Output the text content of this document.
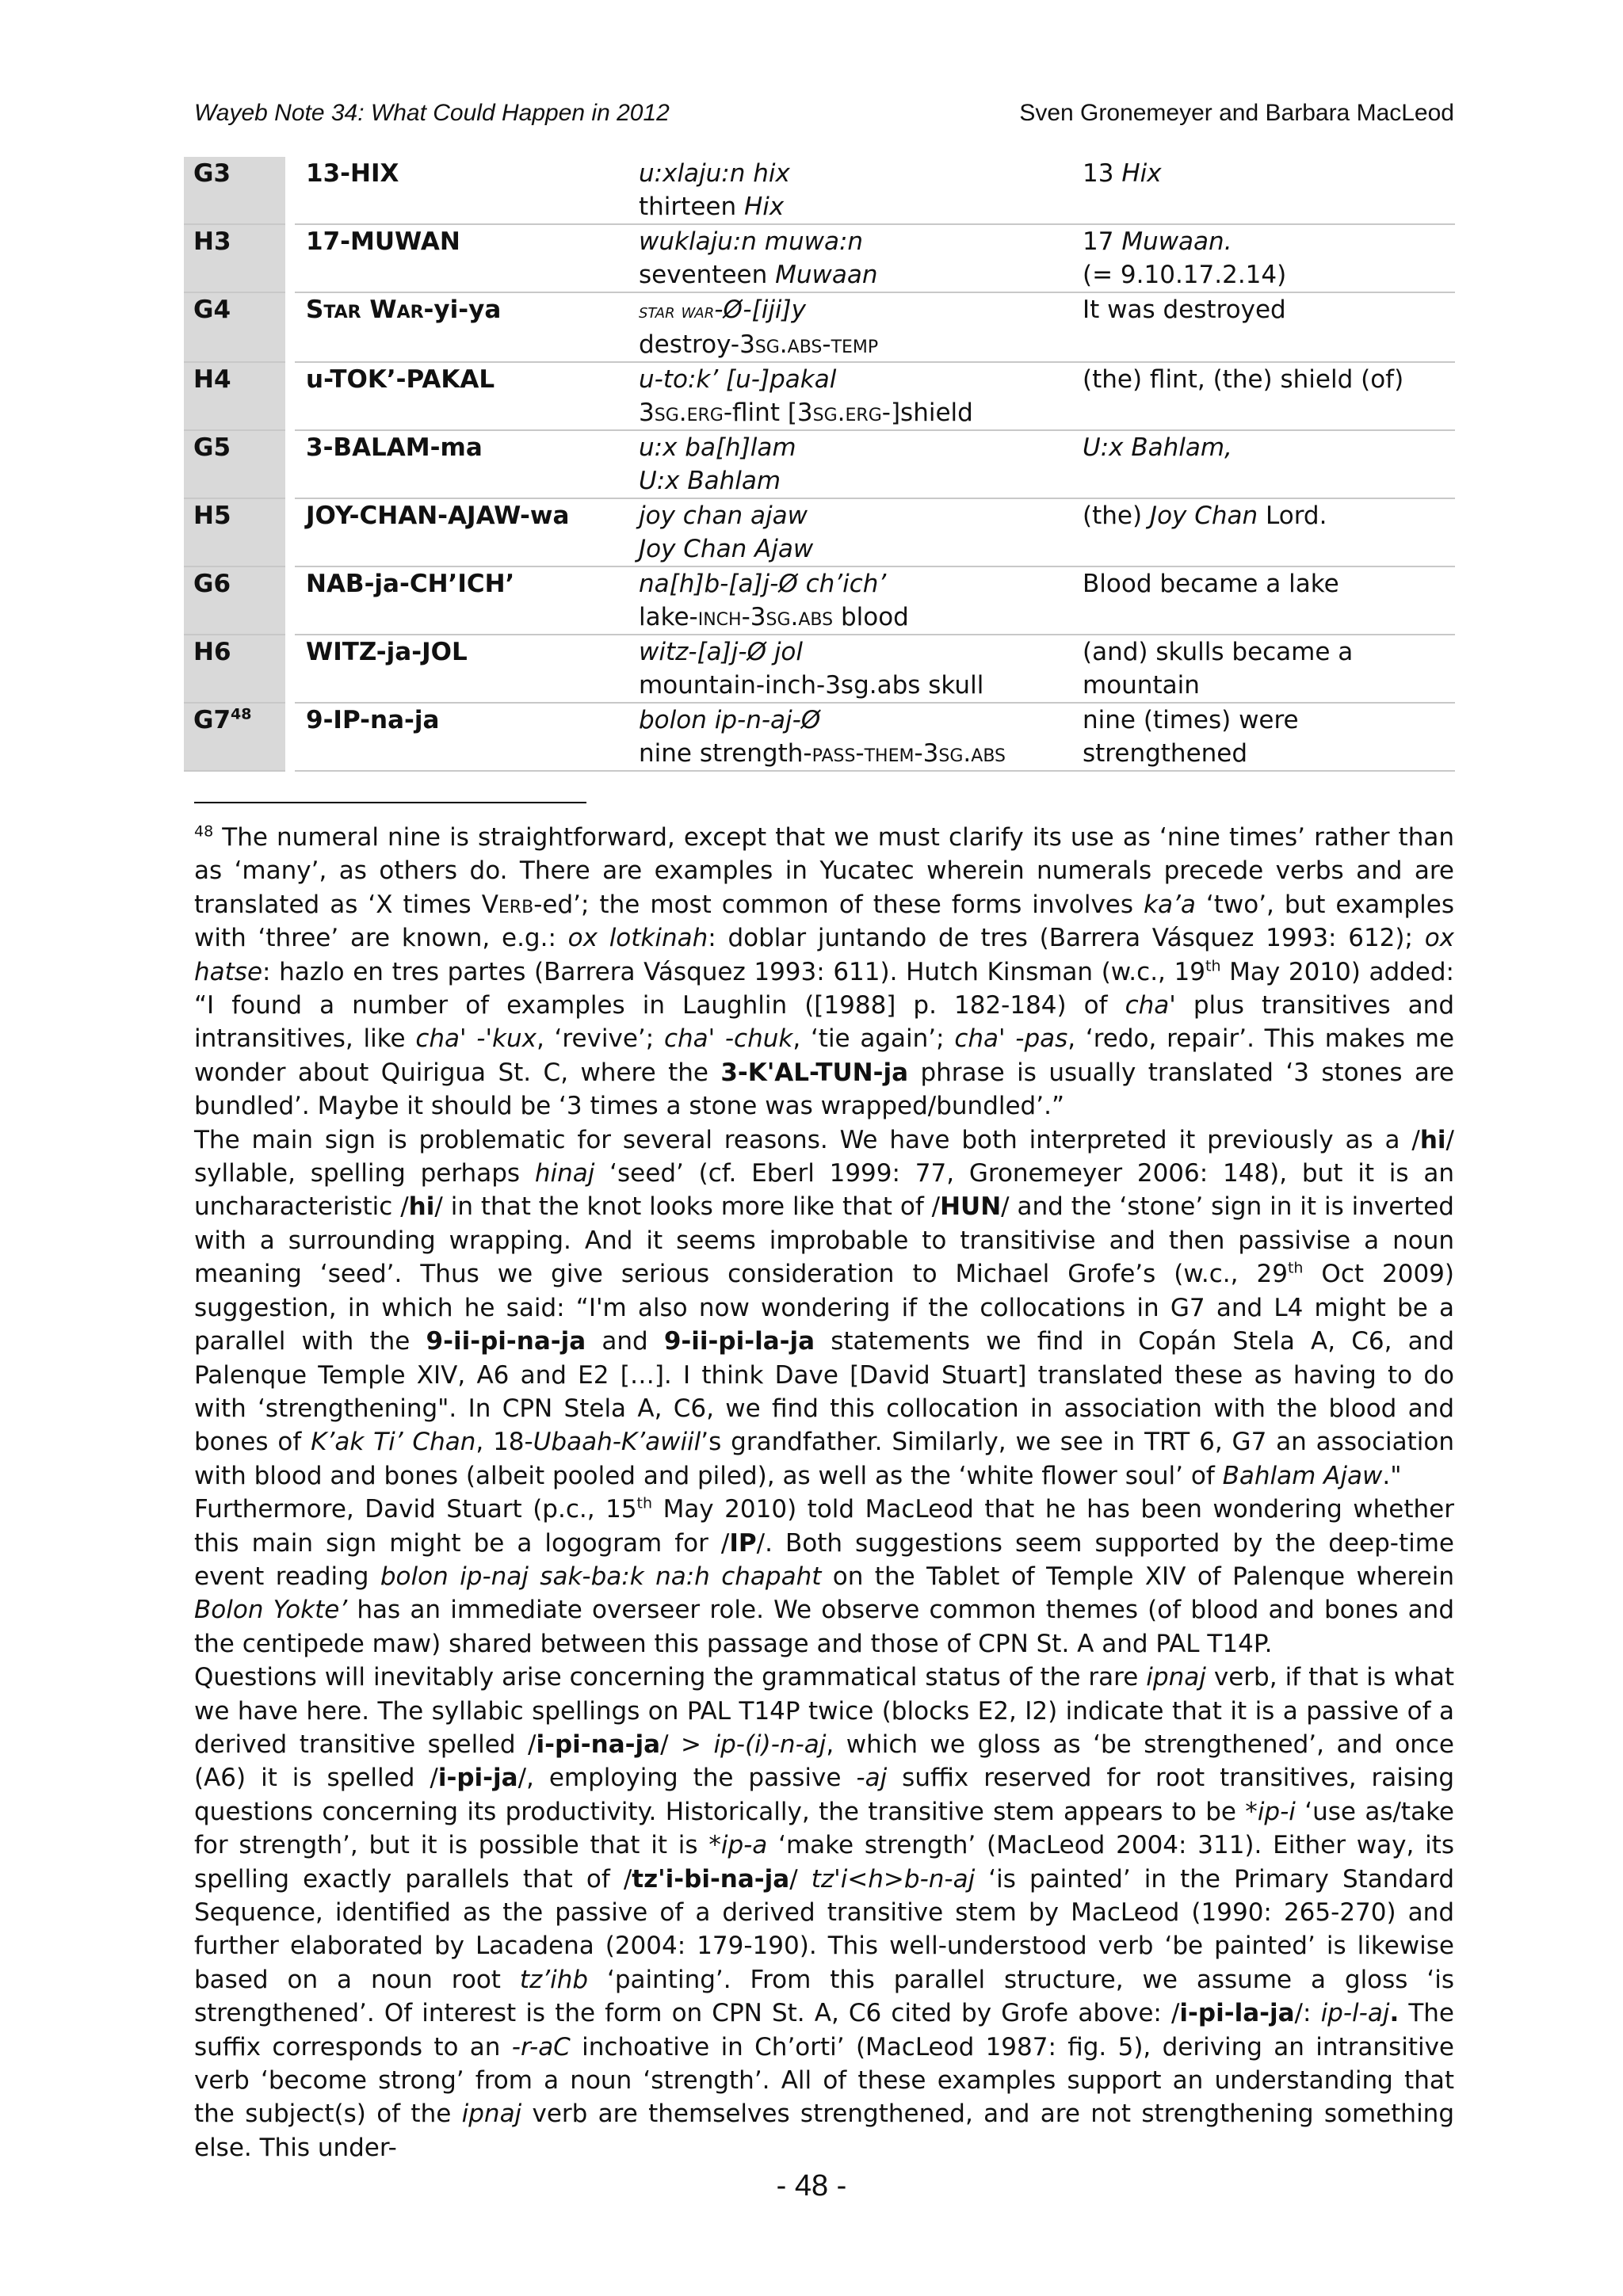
Wayeb Note 34: What Could Happen in 2012	Sven Gronemeyer and Barbara MacLeod
G3		13-HIX	u:xlaju:n hix
thirteen Hix	13 Hix
H3		17-MUWAN	wuklaju:n muwa:n
seventeen Muwaan	17 Muwaan.
(= 9.10.17.2.14)
G4		Star War-yi-ya	star war-Ø-[iji]y
destroy-3sg.abs-temp	It was destroyed
H4		u-TOK’-PAKAL	u-to:k’ [u-]pakal
3sg.erg-flint [3sg.erg-]shield	(the) flint, (the) shield (of)
G5		3-BALAM-ma	u:x ba[h]lam
U:x Bahlam	U:x Bahlam,
H5		JOY-CHAN-AJAW-wa	joy chan ajaw
Joy Chan Ajaw	(the) Joy Chan Lord.
G6		NAB-ja-CH’ICH’	na[h]b-[a]j-Ø ch’ich’
lake-inch-3sg.abs blood	Blood became a lake
H6		WITZ-ja-JOL	witz-[a]j-Ø jol
mountain-inch-3sg.abs skull	(and) skulls became a
mountain
$G7^{48}$		9-IP-na-ja	bolon ip-n-aj-Ø
nine strength-pass-them-3sg.abs	nine (times) were
strengthened

$^{48}$ The numeral nine is straightforward, except that we must clarify its use as ‘nine times’ rather than as ‘many’, as others do. There are examples in Yucatec wherein numerals precede verbs and are translated as ‘X times Verb-ed’; the most common of these forms involves ka’a ‘two’, but examples with ‘three’ are known, e.g.: ox lotkinah: doblar juntando de tres (Barrera Vásquez 1993: 612); ox hatse: hazlo en tres partes (Barrera Vásquez 1993: 611). Hutch Kinsman (w.c., 19th May 2010) added: “I found a number of examples in Laughlin ([1988] p. 182-184) of cha' plus transitives and intransitives, like cha' -'kux, ‘revive’; cha' -chuk, ‘tie again’; cha' -pas, ‘redo, repair’. This makes me wonder about Quirigua St. C, where the 3-K'AL-TUN-ja phrase is usually translated ‘3 stones are bundled’. Maybe it should be ‘3 times a stone was wrapped/bundled’.”

The main sign is problematic for several reasons. We have both interpreted it previously as a /hi/ syllable, spelling perhaps hinaj ‘seed’ (cf. Eberl 1999: 77, Gronemeyer 2006: 148), but it is an uncharacteristic /hi/ in that the knot looks more like that of /HUN/ and the ‘stone’ sign in it is inverted with a surrounding wrapping. And it seems improbable to transitivise and then passivise a noun meaning ‘seed’. Thus we give serious consideration to Michael Grofe’s (w.c., 29th Oct 2009) suggestion, in which he said: “I'm also now wondering if the collocations in G7 and L4 might be a parallel with the 9-ii-pi-na-ja and 9-ii-pi-la-ja statements we find in Copán Stela A, C6, and Palenque Temple XIV, A6 and E2 […]. I think Dave [David Stuart] translated these as having to do with ‘strengthening". In CPN Stela A, C6, we find this collocation in association with the blood and bones of K’ak Ti’ Chan, 18-Ubaah-K’awiil’s grandfather. Similarly, we see in TRT 6, G7 an association with blood and bones (albeit pooled and piled), as well as the ‘white flower soul’ of Bahlam Ajaw."

Furthermore, David Stuart (p.c., 15th May 2010) told MacLeod that he has been wondering whether this main sign might be a logogram for /IP/. Both suggestions seem supported by the deep-time event reading bolon ip-naj sak-ba:k na:h chapaht on the Tablet of Temple XIV of Palenque wherein Bolon Yokte’ has an immediate overseer role. We observe common themes (of blood and bones and the centipede maw) shared between this passage and those of CPN St. A and PAL T14P.

Questions will inevitably arise concerning the grammatical status of the rare ipnaj verb, if that is what we have here. The syllabic spellings on PAL T14P twice (blocks E2, I2) indicate that it is a passive of a derived transitive spelled /i-pi-na-ja/ > ip-(i)-n-aj, which we gloss as ‘be strengthened’, and once (A6) it is spelled /i-pi-ja/, employing the passive -aj suffix reserved for root transitives, raising questions concerning its productivity. Historically, the transitive stem appears to be *ip-i ‘use as/take for strength’, but it is possible that it is *ip-a ‘make strength’ (MacLeod 2004: 311). Either way, its spelling exactly parallels that of /tz'i-bi-na-ja/ tz'i<h>b-n-aj ‘is painted’ in the Primary Standard Sequence, identified as the passive of a derived transitive stem by MacLeod (1990: 265-270) and further elaborated by Lacadena (2004: 179-190). This well-understood verb ‘be painted’ is likewise based on a noun root tz’ihb ‘painting’. From this parallel structure, we assume a gloss ‘is strengthened’. Of interest is the form on CPN St. A, C6 cited by Grofe above: /i-pi-la-ja/: ip-l-aj. The suffix corresponds to an -r-aC inchoative in Ch’orti’ (MacLeod 1987: fig. 5), deriving an intransitive verb ‘become strong’ from a noun ‘strength’. All of these examples support an understanding that the subject(s) of the ipnaj verb are themselves strengthened, and are not strengthening something else. This under-

- 48 -
